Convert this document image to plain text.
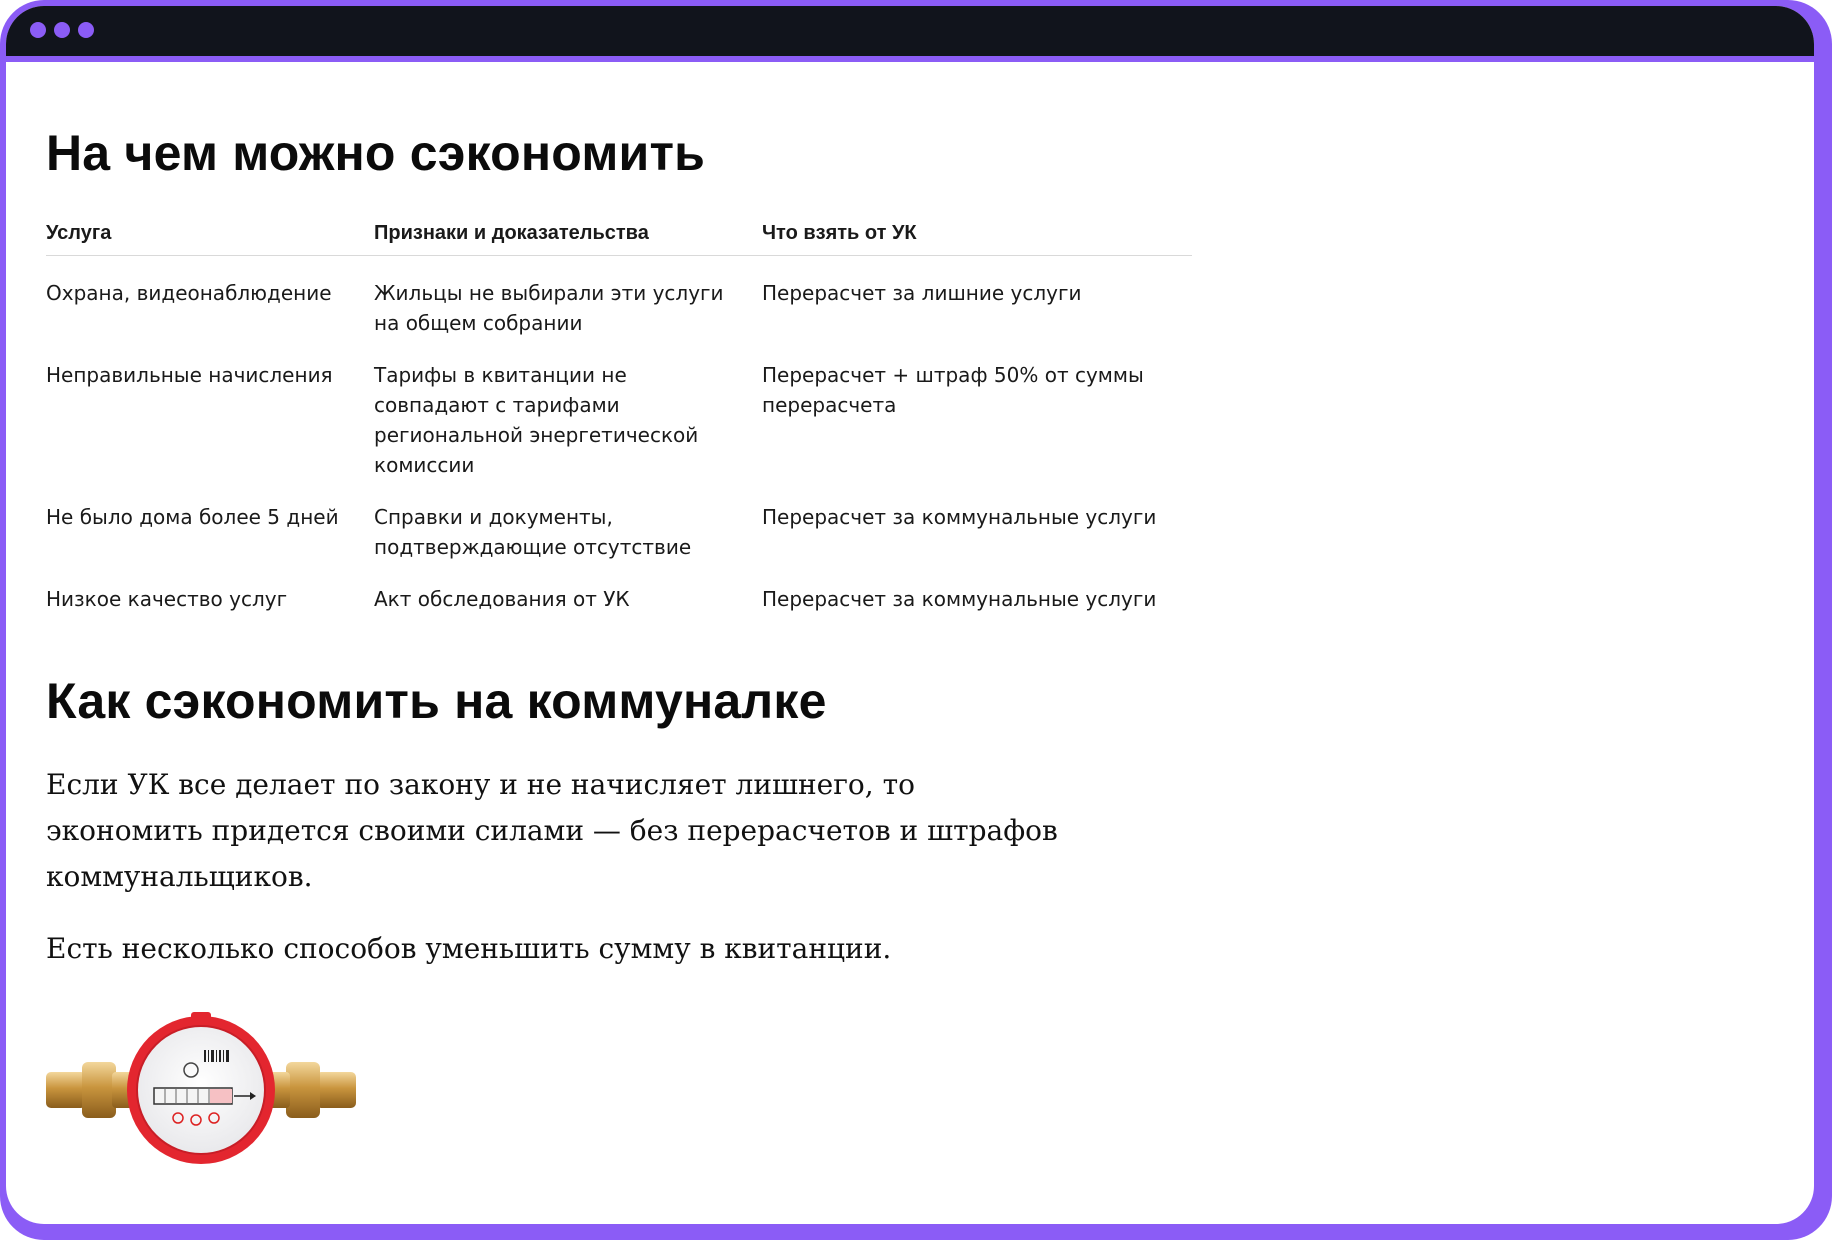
На чем можно сэкономить
Услуга	Признаки и доказательства	Что взять от УК
Охрана, видеонаблюдение	Жильцы не выбирали эти услуги на общем собрании	Перерасчет за лишние услуги
Неправильные начисления	Тарифы в квитанции не совпадают с тарифами региональной энергетической комиссии	Перерасчет + штраф 50% от суммы перерасчета
Не было дома более 5 дней	Справки и документы, подтверждающие отсутствие	Перерасчет за коммунальные услуги
Низкое качество услуг	Акт обследования от УК	Перерасчет за коммунальные услуги
Как сэкономить на коммуналке

Если УК все делает по закону и не начисляет лишнего, то экономить придется своими силами — без перерасчетов и штрафов коммунальщиков.

Есть несколько способов уменьшить сумму в квитанции.
